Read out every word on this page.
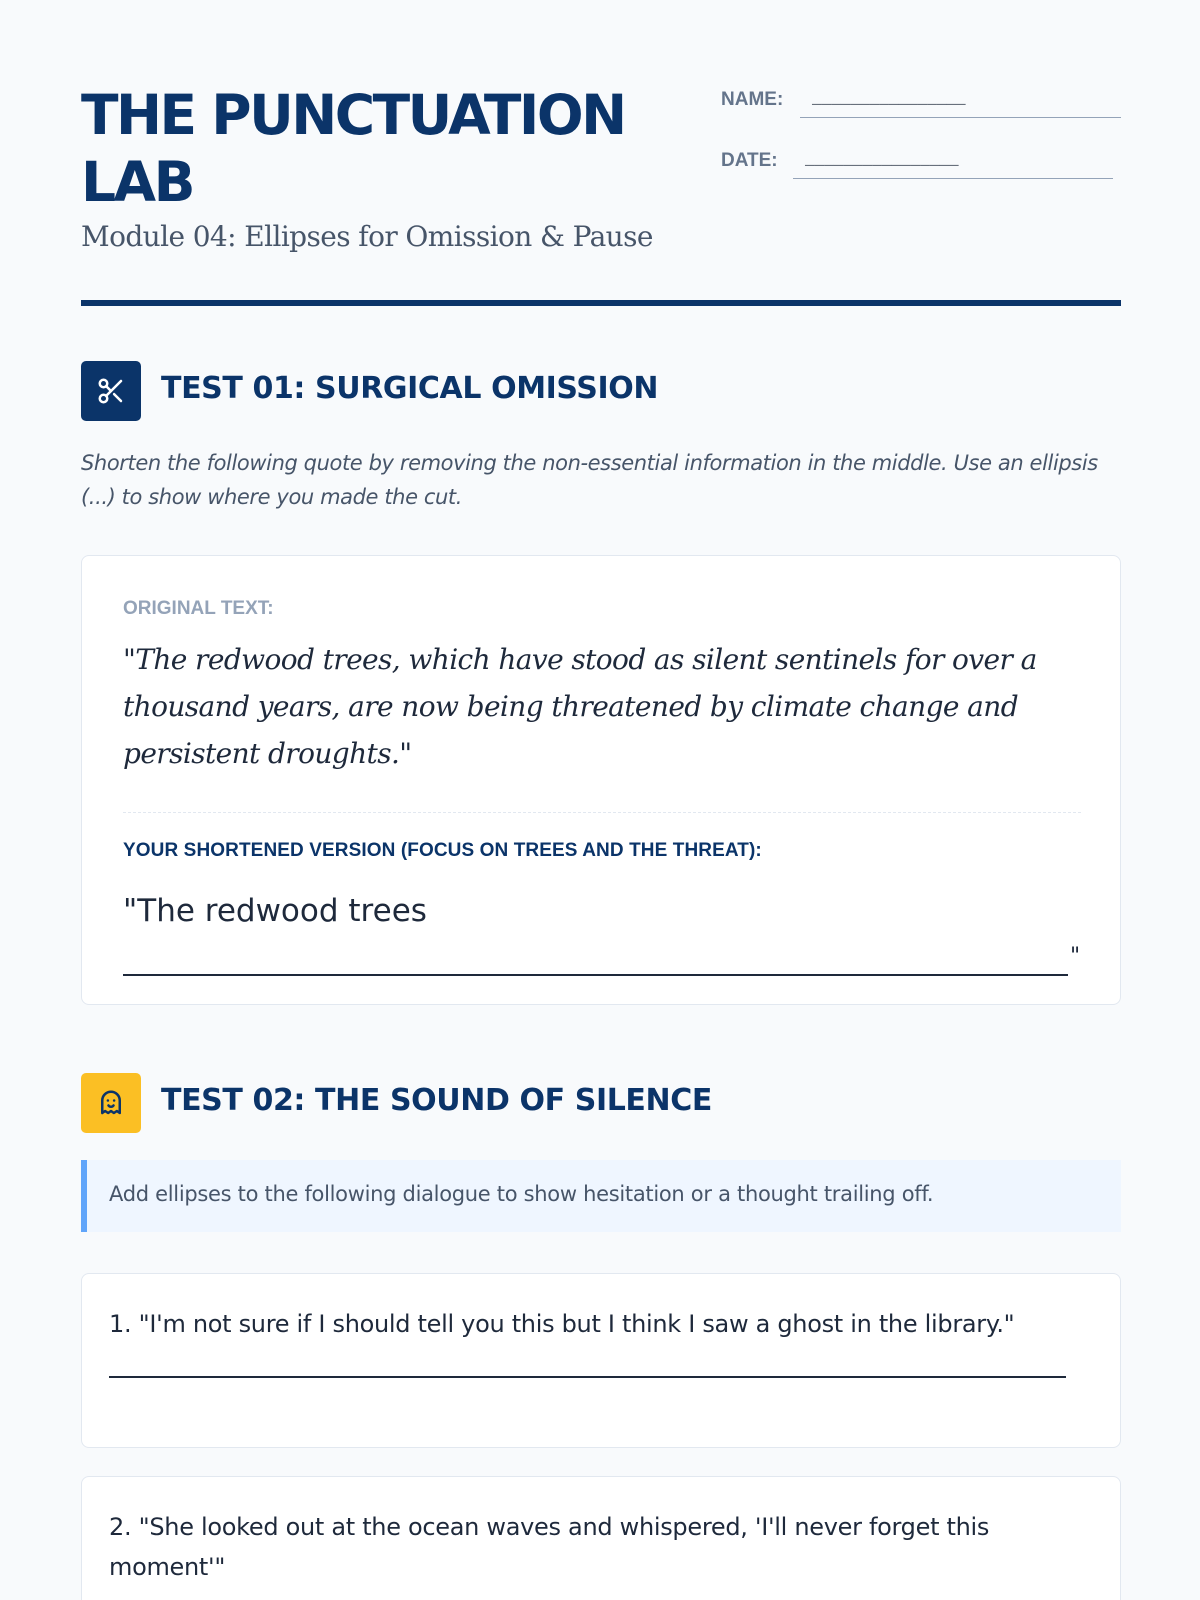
THE PUNCTUATION LAB
Module 04: Ellipses for Omission & Pause
NAME:	________________
DATE:	________________
TEST 01: SURGICAL OMISSION
Shorten the following quote by removing the non-essential information in the middle. Use an ellipsis (...) to show where you made the cut.
ORIGINAL TEXT:
"The redwood trees, which have stood as silent sentinels for over a thousand years, are now being threatened by climate change and persistent droughts."
YOUR SHORTENED VERSION (FOCUS ON TREES AND THE THREAT):
"The redwood trees
"
TEST 02: THE SOUND OF SILENCE
Add ellipses to the following dialogue to show hesitation or a thought trailing off.
1. "I'm not sure if I should tell you this but I think I saw a ghost in the library."
2. "She looked out at the ocean waves and whispered, 'I'll never forget this moment'"
